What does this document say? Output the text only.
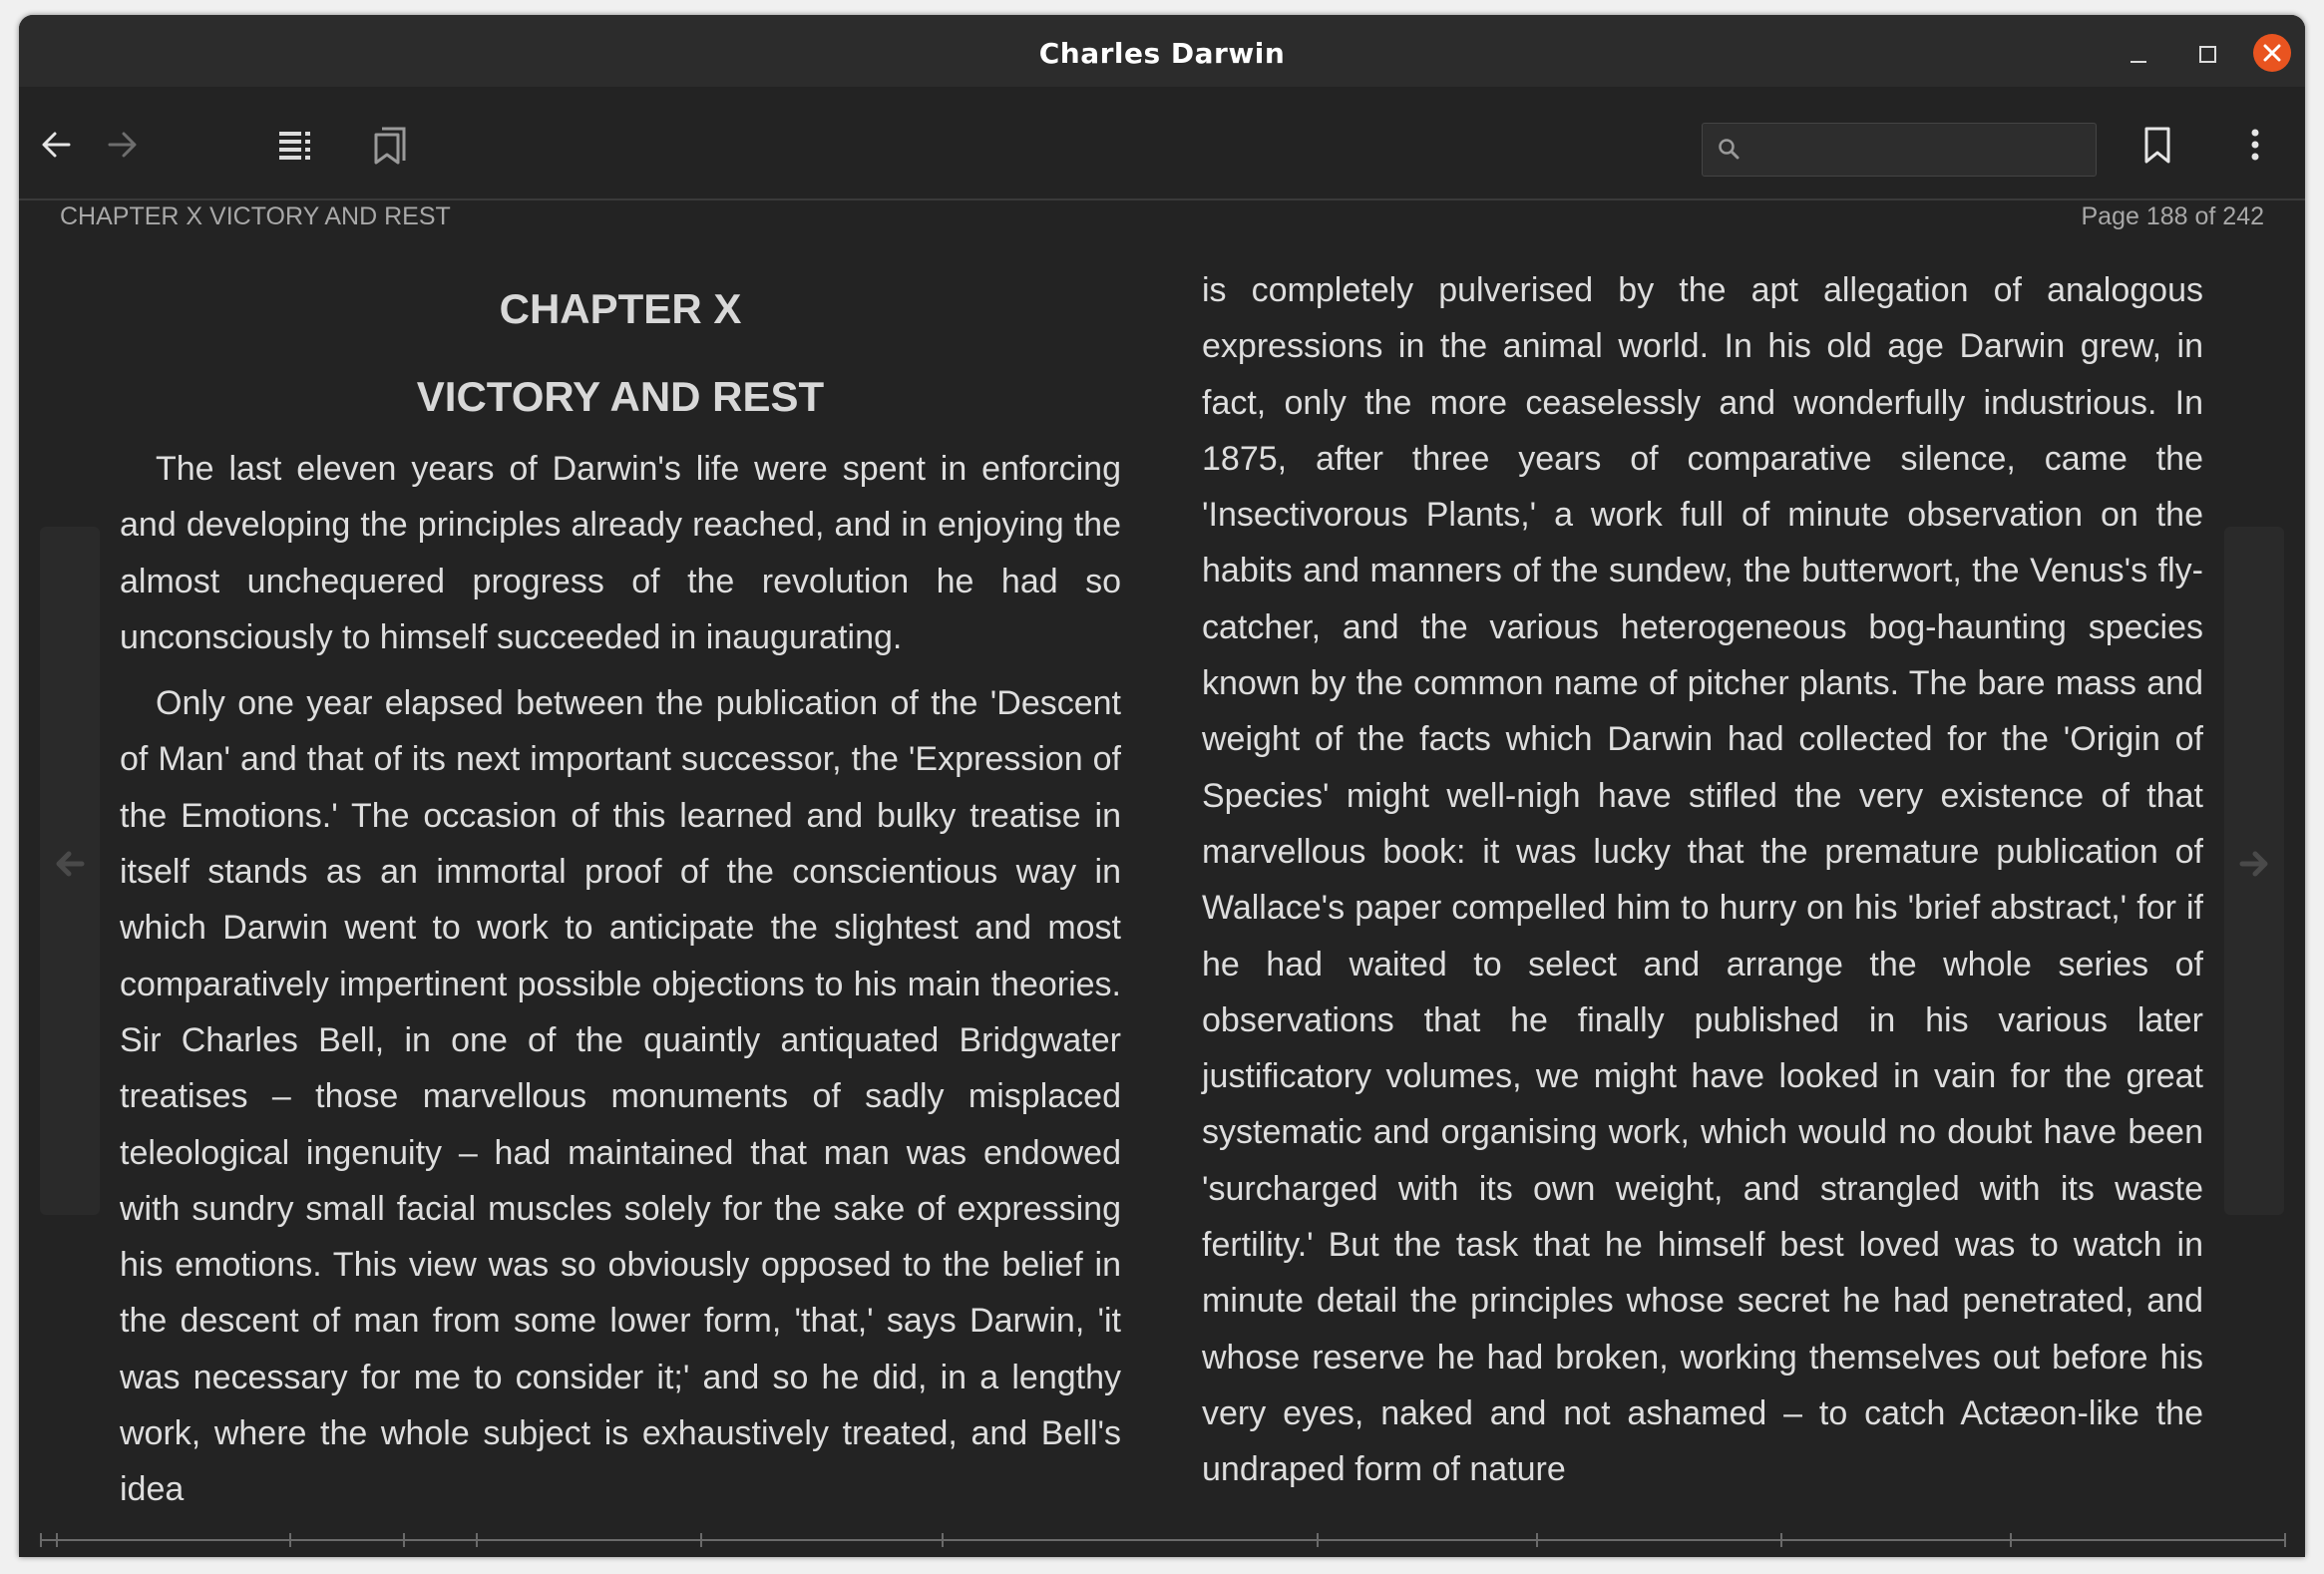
Charles Darwin
CHAPTER X VICTORY AND REST	Page 188 of 242
CHAPTER X
VICTORY AND REST

The last eleven years of Darwin's life were spent in enforcing and developing the principles already reached, and in enjoying the almost unchequered progress of the revolution he had so unconsciously to himself succeeded in inaugurating.

Only one year elapsed between the publication of the 'Descent of Man' and that of its next important successor, the 'Expression of the Emotions.' The occasion of this learned and bulky treatise in itself stands as an immortal proof of the conscientious way in which Darwin went to work to anticipate the slightest and most comparatively impertinent possible objections to his main theories. Sir Charles Bell, in one of the quaintly antiquated Bridgwater treatises – those marvellous monuments of sadly misplaced teleological ingenuity – had maintained that man was endowed with sundry small facial muscles solely for the sake of expressing his emotions. This view was so obviously opposed to the belief in the descent of man from some lower form, 'that,' says Darwin, 'it was necessary for me to consider it;' and so he did, in a lengthy work, where the whole subject is exhaustively treated, and Bell's idea

is completely pulverised by the apt allegation of analogous expressions in the animal world. In his old age Darwin grew, in fact, only the more ceaselessly and wonderfully industrious. In 1875, after three years of comparative silence, came the 'Insectivorous Plants,' a work full of minute observation on the habits and manners of the sundew, the butterwort, the Venus's fly-catcher, and the various heterogeneous bog-haunting species known by the common name of pitcher plants. The bare mass and weight of the facts which Darwin had collected for the 'Origin of Species' might well-nigh have stifled the very existence of that marvellous book: it was lucky that the premature publication of Wallace's paper compelled him to hurry on his 'brief abstract,' for if he had waited to select and arrange the whole series of observations that he finally published in his various later justificatory volumes, we might have looked in vain for the great systematic and organising work, which would no doubt have been 'surcharged with its own weight, and strangled with its waste fertility.' But the task that he himself best loved was to watch in minute detail the principles whose secret he had penetrated, and whose reserve he had broken, working themselves out before his very eyes, naked and not ashamed – to catch Actæon-like the undraped form of nature
